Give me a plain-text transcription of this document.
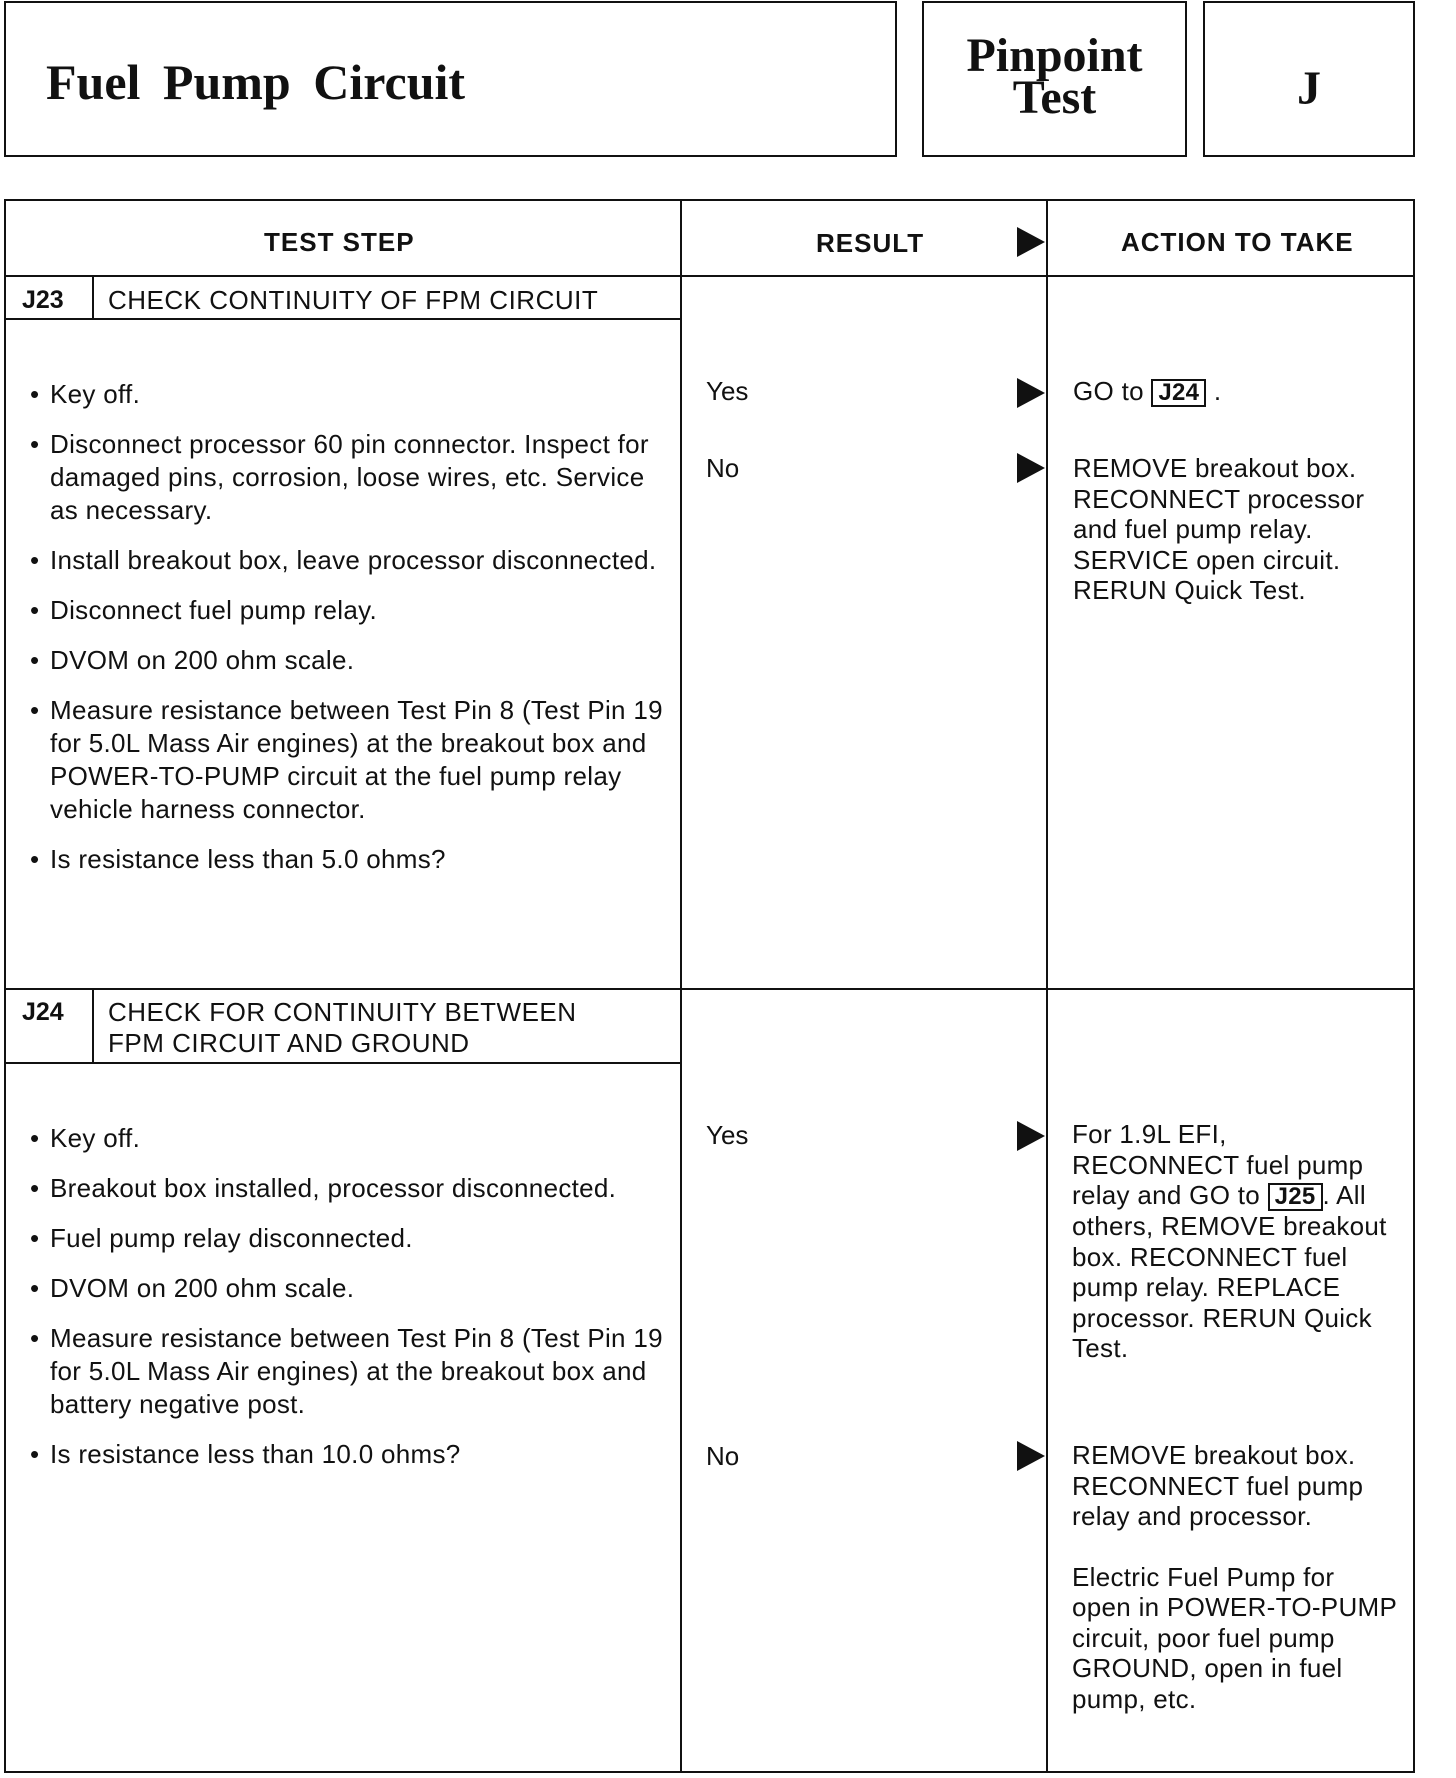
Fuel Pump Circuit	Pinpoint
Test	J
TEST STEP	RESULT	ACTION TO TAKE
J23 CHECK CONTINUITY OF FPM CIRCUIT
• Key off.
• Disconnect processor 60 pin connector. Inspect for damaged pins, corrosion, loose wires, etc. Service as necessary.
• Install breakout box, leave processor disconnected.
• Disconnect fuel pump relay.
• DVOM on 200 ohm scale.
• Measure resistance between Test Pin 8 (Test Pin 19 for 5.0L Mass Air engines) at the breakout box and POWER-TO-PUMP circuit at the fuel pump relay vehicle harness connector.
• Is resistance less than 5.0 ohms?
Yes	GO to J24 .
No	REMOVE breakout box. RECONNECT processor and fuel pump relay. SERVICE open circuit. RERUN Quick Test.

J24 CHECK FOR CONTINUITY BETWEEN
FPM CIRCUIT AND GROUND
• Key off.
• Breakout box installed, processor disconnected.
• Fuel pump relay disconnected.
• DVOM on 200 ohm scale.
• Measure resistance between Test Pin 8 (Test Pin 19 for 5.0L Mass Air engines) at the breakout box and battery negative post.
• Is resistance less than 10.0 ohms?
Yes	For 1.9L EFI, RECONNECT fuel pump relay and GO to J25 . All others, REMOVE breakout box. RECONNECT fuel pump relay. REPLACE processor. RERUN Quick Test.
No	REMOVE breakout box. RECONNECT fuel pump relay and processor.

Electric Fuel Pump for open in POWER-TO-PUMP circuit, poor fuel pump GROUND, open in fuel pump, etc.
